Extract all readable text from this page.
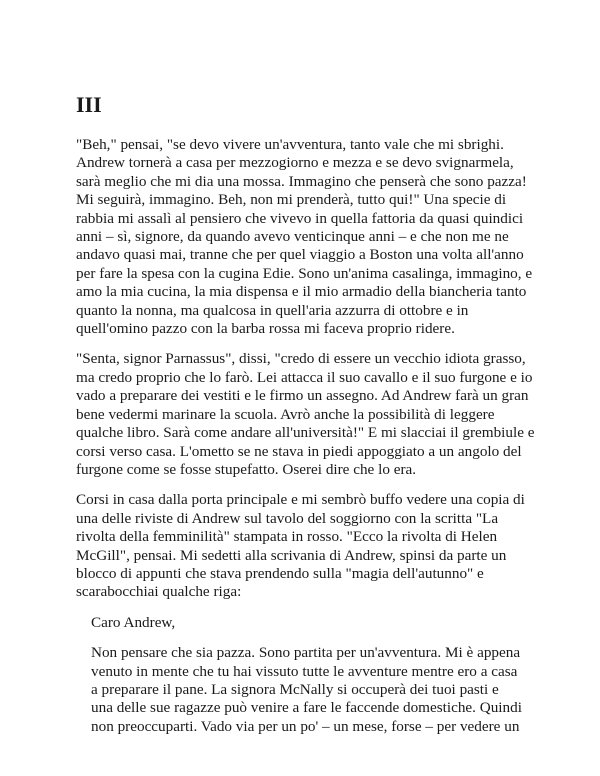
III

"Beh," pensai, "se devo vivere un'avventura, tanto vale che mi sbrighi.
Andrew tornerà a casa per mezzogiorno e mezza e se devo svignarmela,
sarà meglio che mi dia una mossa. Immagino che penserà che sono pazza!
Mi seguirà, immagino. Beh, non mi prenderà, tutto qui!" Una specie di
rabbia mi assalì al pensiero che vivevo in quella fattoria da quasi quindici
anni – sì, signore, da quando avevo venticinque anni – e che non me ne
andavo quasi mai, tranne che per quel viaggio a Boston una volta all'anno
per fare la spesa con la cugina Edie. Sono un'anima casalinga, immagino, e
amo la mia cucina, la mia dispensa e il mio armadio della biancheria tanto
quanto la nonna, ma qualcosa in quell'aria azzurra di ottobre e in
quell'omino pazzo con la barba rossa mi faceva proprio ridere.

"Senta, signor Parnassus", dissi, "credo di essere un vecchio idiota grasso,
ma credo proprio che lo farò. Lei attacca il suo cavallo e il suo furgone e io
vado a preparare dei vestiti e le firmo un assegno. Ad Andrew farà un gran
bene vedermi marinare la scuola. Avrò anche la possibilità di leggere
qualche libro. Sarà come andare all'università!" E mi slacciai il grembiule e
corsi verso casa. L'ometto se ne stava in piedi appoggiato a un angolo del
furgone come se fosse stupefatto. Oserei dire che lo era.

Corsi in casa dalla porta principale e mi sembrò buffo vedere una copia di
una delle riviste di Andrew sul tavolo del soggiorno con la scritta "La
rivolta della femminilità" stampata in rosso. "Ecco la rivolta di Helen
McGill", pensai. Mi sedetti alla scrivania di Andrew, spinsi da parte un
blocco di appunti che stava prendendo sulla "magia dell'autunno" e
scarabocchiai qualche riga:

Caro Andrew,

Non pensare che sia pazza. Sono partita per un'avventura. Mi è appena
venuto in mente che tu hai vissuto tutte le avventure mentre ero a casa
a preparare il pane. La signora McNally si occuperà dei tuoi pasti e
una delle sue ragazze può venire a fare le faccende domestiche. Quindi
non preoccuparti. Vado via per un po' – un mese, forse – per vedere un
